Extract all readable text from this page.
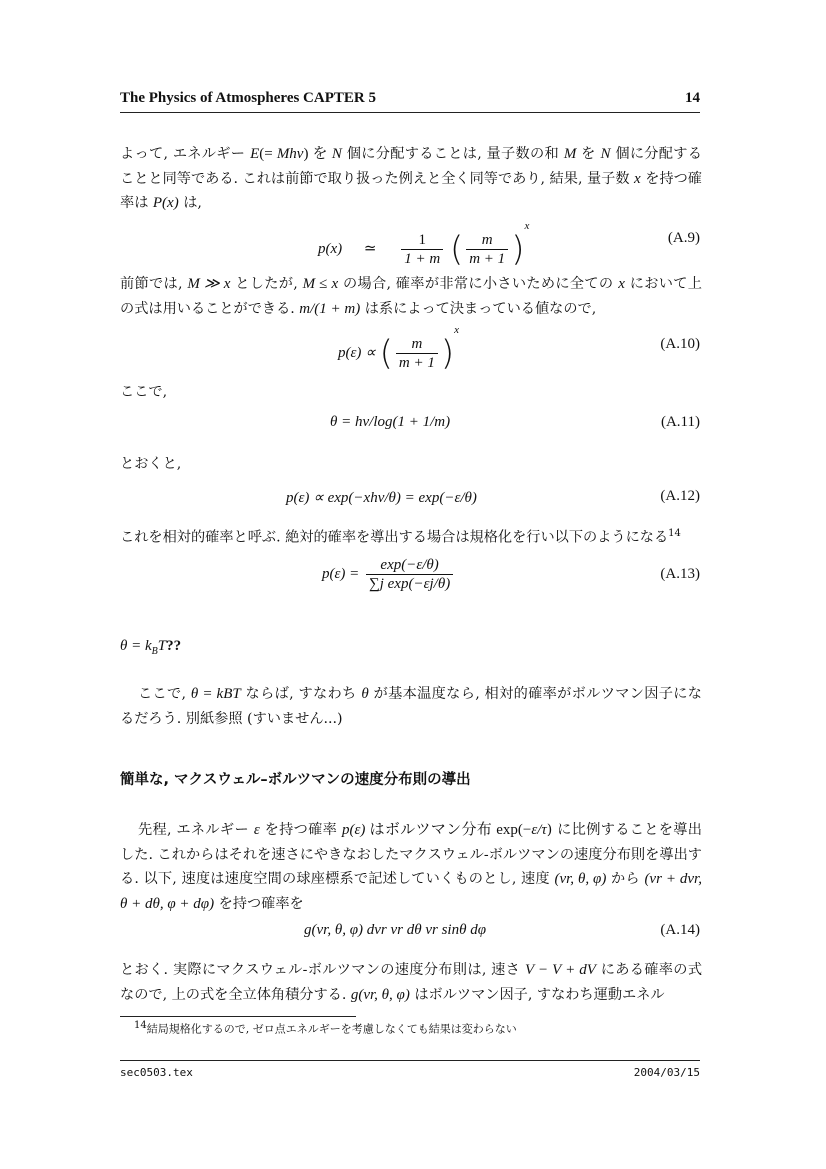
The Physics of Atmospheres CAPTER 5	14
よって, エネルギー E(= Mhν) を N 個に分配することは, 量子数の和 M を N 個に分配することと同等である. これは前節で取り扱った例えと全く同等であり, 結果, 量子数 x を持つ確率は P(x) は,
p(x) ≃ $\frac{1}{1 + m}$ ( $\frac{m}{m + 1} )^x$
(A.9)
前節では, M ≫ x としたが, M ≤ x の場合, 確率が非常に小さいために全ての x において上の式は用いることができる. m/(1 + m) は系によって決まっている値なので,
p(ε) ∝ ( $\frac{m}{m + 1} )^x$
(A.10)
ここで,
θ = hν/log(1 + 1/m)	(A.11)
とおくと,
p(ε) ∝ exp(−xhν/θ) = exp(−ε/θ)	(A.12)
これを相対的確率と呼ぶ. 絶対的確率を導出する場合は規格化を行い以下のようになる$^{14}$
$p(\varepsilon) = \frac{\exp(-\varepsilon/\theta)}{\text{∑j exp(−εj/θ)}}$	(A.13)
$\theta = k_BT$??
ここで, θ = kBT ならば, すなわち θ が基本温度なら, 相対的確率がボルツマン因子になるだろう. 別紙参照 (すいません...)
簡単な, マクスウェル–ボルツマンの速度分布則の導出
先程, エネルギー ε を持つ確率 p(ε) はボルツマン分布 exp(−ε/τ) に比例することを導出した. これからはそれを速さにやきなおしたマクスウェル-ボルツマンの速度分布則を導出する. 以下, 速度は速度空間の球座標系で記述していくものとし, 速度 (vr, θ, φ) から (vr + dvr, θ + dθ, φ + dφ) を持つ確率を
g(vr, θ, φ) dvr vr dθ vr sinθ dφ	(A.14)
とおく. 実際にマクスウェル-ボルツマンの速度分布則は, 速さ V − V + dV にある確率の式なので, 上の式を全立体角積分する. g(vr, θ, φ) はボルツマン因子, すなわち運動エネル
14結局規格化するので, ゼロ点エネルギーを考慮しなくても結果は変わらない
sec0503.tex	2004/03/15
